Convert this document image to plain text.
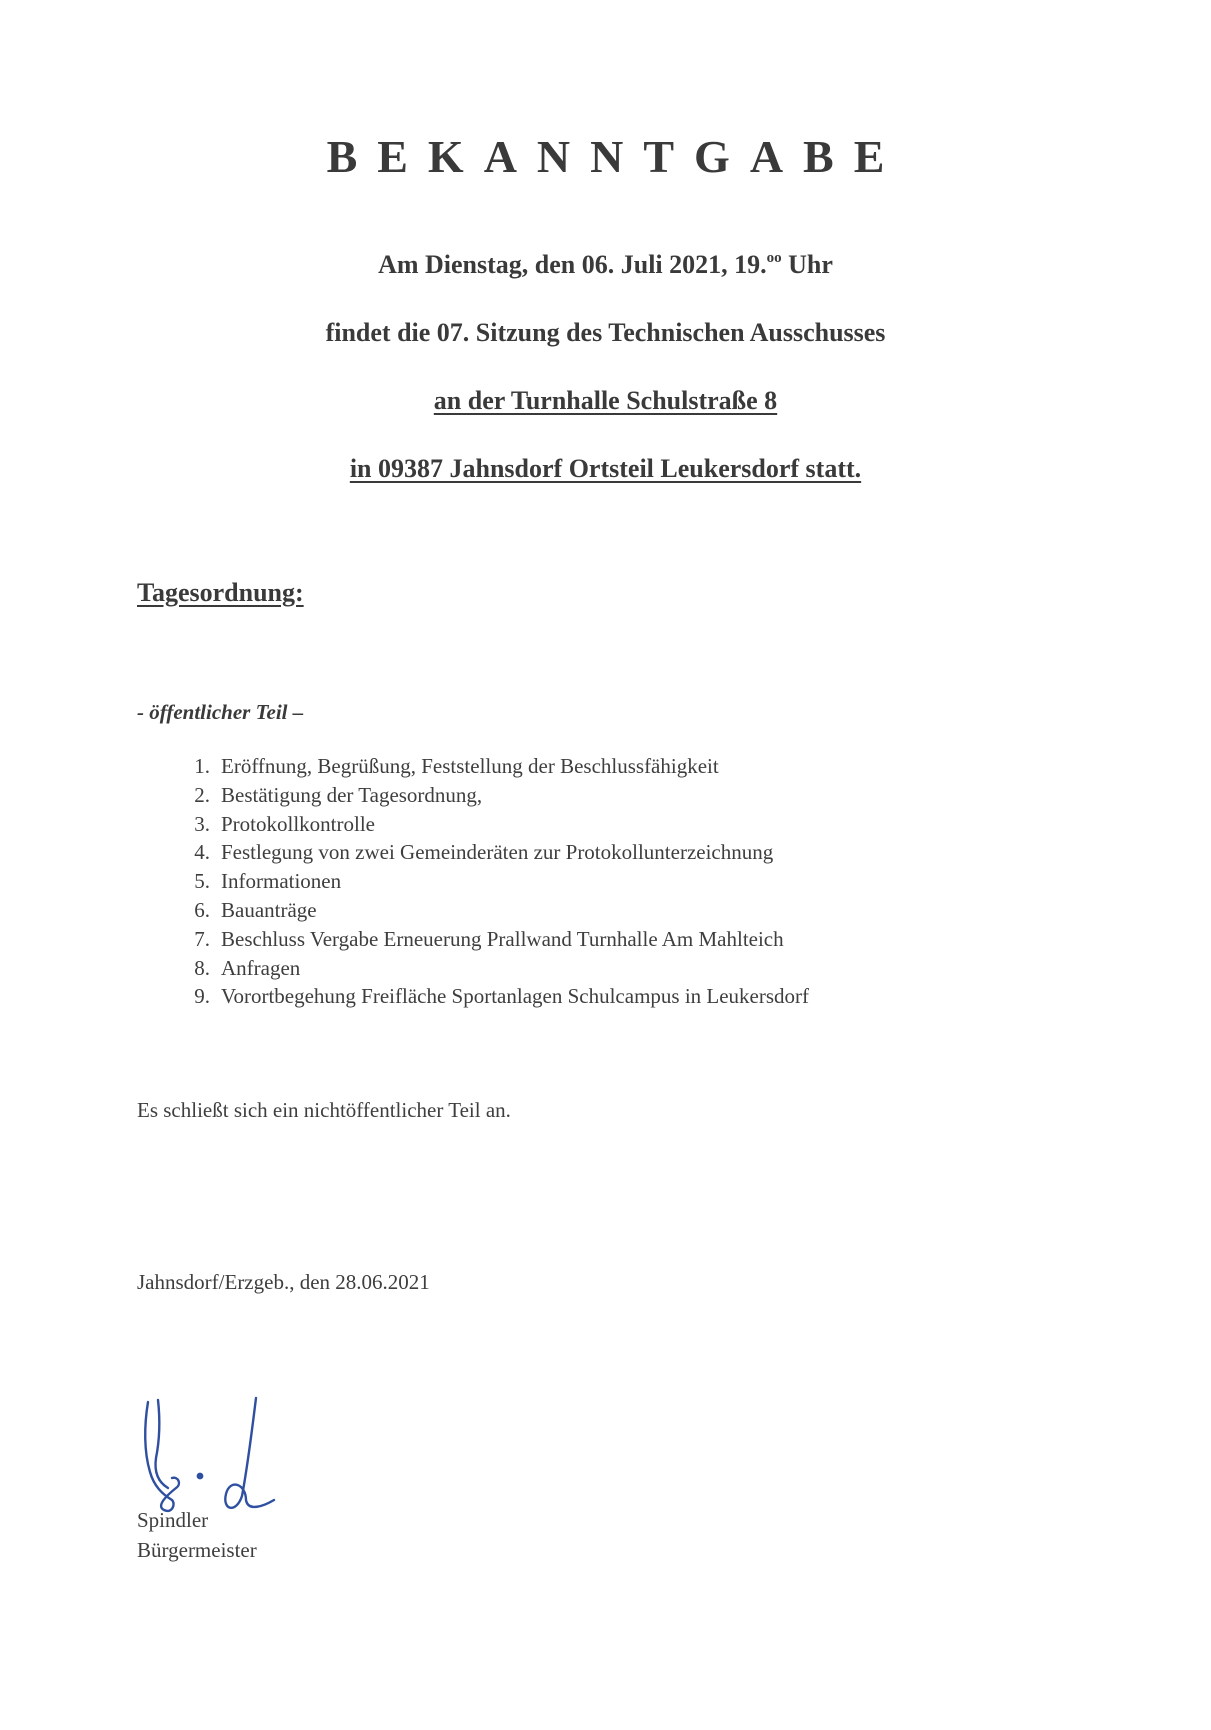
BEKANNTGABE
Am Dienstag, den 06. Juli 2021, 19.$^{oo}$ Uhr
findet die 07. Sitzung des Technischen Ausschusses
an der Turnhalle Schulstraße 8
in 09387 Jahnsdorf Ortsteil Leukersdorf statt.
Tagesordnung:
- öffentlicher Teil –
1. Eröffnung, Begrüßung, Feststellung der Beschlussfähigkeit
2. Bestätigung der Tagesordnung,
3. Protokollkontrolle
4. Festlegung von zwei Gemeinderäten zur Protokollunterzeichnung
5. Informationen
6. Bauanträge
7. Beschluss Vergabe Erneuerung Prallwand Turnhalle Am Mahlteich
8. Anfragen
9. Vorortbegehung Freifläche Sportanlagen Schulcampus in Leukersdorf
Es schließt sich ein nichtöffentlicher Teil an.
Jahnsdorf/Erzgeb., den 28.06.2021
Spindler
Bürgermeister
